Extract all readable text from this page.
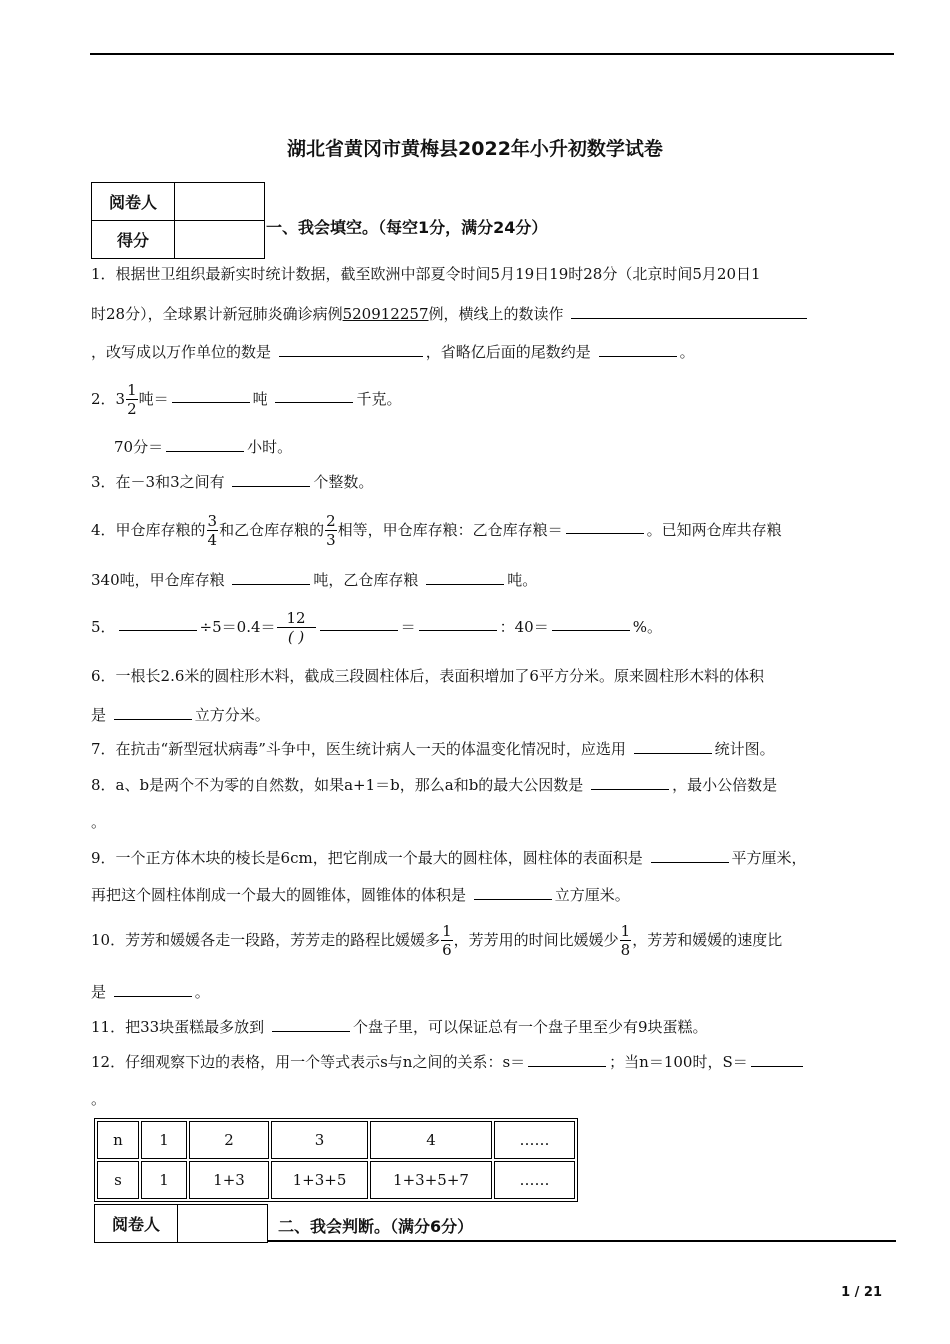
湖北省黄冈市黄梅县2022年小升初数学试卷
阅卷人	
得分	
一、我会填空。（每空1分，满分24分）
1．根据世卫组织最新实时统计数据，截至欧洲中部夏令时间5月19日19时28分（北京时间5月20日1
时28分），全球累计新冠肺炎确诊病例520912257例，横线上的数读作
，改写成以万作单位的数是	，省略亿后面的尾数约是	。
2．$3 \frac{1}{2}$ 吨＝	吨	千克。
70分＝	小时。
3．在－3和3之间有	个整数。
4．甲仓库存粮的 $\frac{3}{4}$ 和乙仓库存粮的 $\frac{2}{3}$ 相等，甲仓库存粮：乙仓库存粮＝	。已知两仓库共存粮
340吨，甲仓库存粮	吨，乙仓库存粮	吨。
5．	$\div 5=0.4= \frac{12}{( )}$	＝	：40＝	%。
6．一根长2.6米的圆柱形木料，截成三段圆柱体后，表面积增加了6平方分米。原来圆柱形木料的体积
是	立方分米。
7．在抗击“新型冠状病毒”斗争中，医生统计病人一天的体温变化情况时，应选用	统计图。
8．a、b是两个不为零的自然数，如果a+1＝b，那么a和b的最大公因数是	，最小公倍数是
。
9．一个正方体木块的棱长是6cm，把它削成一个最大的圆柱体，圆柱体的表面积是	平方厘米，
再把这个圆柱体削成一个最大的圆锥体，圆锥体的体积是	立方厘米。
10．芳芳和媛媛各走一段路，芳芳走的路程比媛媛多 $\frac{1}{6}$ ，芳芳用的时间比媛媛少 $\frac{1}{8}$ ，芳芳和媛媛的速度比
是	。
11．把33块蛋糕最多放到	个盘子里，可以保证总有一个盘子里至少有9块蛋糕。
12．仔细观察下边的表格，用一个等式表示s与n之间的关系：s＝	；当n＝100时，S＝
。
n	1	2	3	4	……
s	1	1+3	1+3+5	1+3+5+7	……
阅卷人		二、我会判断。（满分6分）
1 / 21
